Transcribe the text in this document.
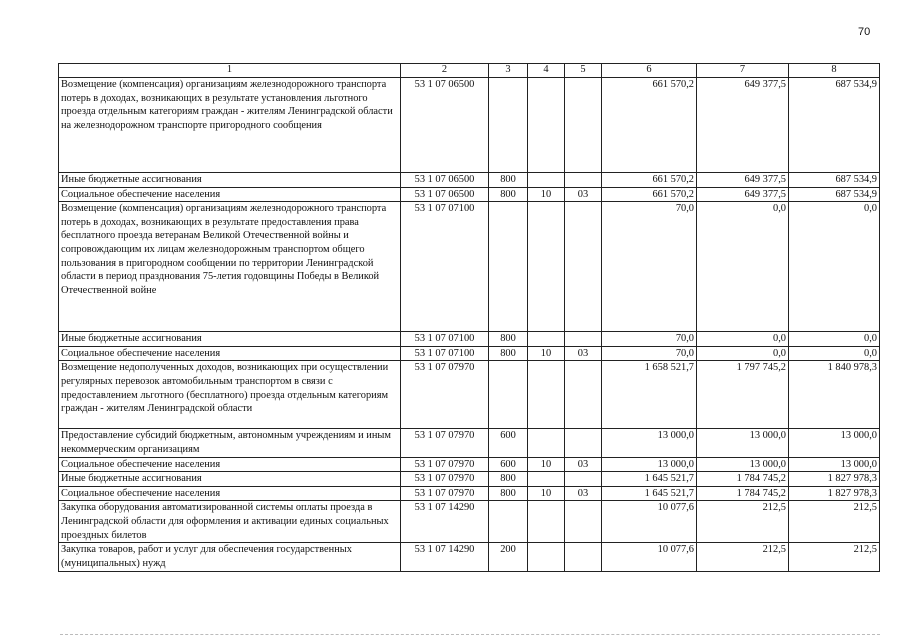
70
1	2	3	4	5	6	7	8
Возмещение (компенсация) организациям железнодорожного транспорта потерь в доходах, возникающих в результате установления льготного проезда отдельным категориям граждан - жителям Ленинградской области на железнодорожном транспорте пригородного сообщения	53 1 07 06500				661 570,2	649 377,5	687 534,9
Иные бюджетные ассигнования	53 1 07 06500	800			661 570,2	649 377,5	687 534,9
Социальное обеспечение населения	53 1 07 06500	800	10	03	661 570,2	649 377,5	687 534,9
Возмещение (компенсация) организациям железнодорожного транспорта потерь в доходах, возникающих в результате предоставления права бесплатного проезда ветеранам Великой Отечественной войны и сопровождающим их лицам железнодорожным транспортом общего пользования в пригородном сообщении по территории Ленинградской области в период празднования 75-летия годовщины Победы в Великой Отечественной войне	53 1 07 07100				70,0	0,0	0,0
Иные бюджетные ассигнования	53 1 07 07100	800			70,0	0,0	0,0
Социальное обеспечение населения	53 1 07 07100	800	10	03	70,0	0,0	0,0
Возмещение недополученных доходов, возникающих при осуществлении регулярных перевозок автомобильным транспортом в связи с предоставлением льготного (бесплатного) проезда отдельным категориям граждан - жителям Ленинградской области	53 1 07 07970				1 658 521,7	1 797 745,2	1 840 978,3
Предоставление субсидий бюджетным, автономным учреждениям и иным некоммерческим организациям	53 1 07 07970	600			13 000,0	13 000,0	13 000,0
Социальное обеспечение населения	53 1 07 07970	600	10	03	13 000,0	13 000,0	13 000,0
Иные бюджетные ассигнования	53 1 07 07970	800			1 645 521,7	1 784 745,2	1 827 978,3
Социальное обеспечение населения	53 1 07 07970	800	10	03	1 645 521,7	1 784 745,2	1 827 978,3
Закупка оборудования автоматизированной системы оплаты проезда в Ленинградской области для оформления и активации единых социальных проездных билетов	53 1 07 14290				10 077,6	212,5	212,5
Закупка товаров, работ и услуг для обеспечения государственных (муниципальных) нужд	53 1 07 14290	200			10 077,6	212,5	212,5
